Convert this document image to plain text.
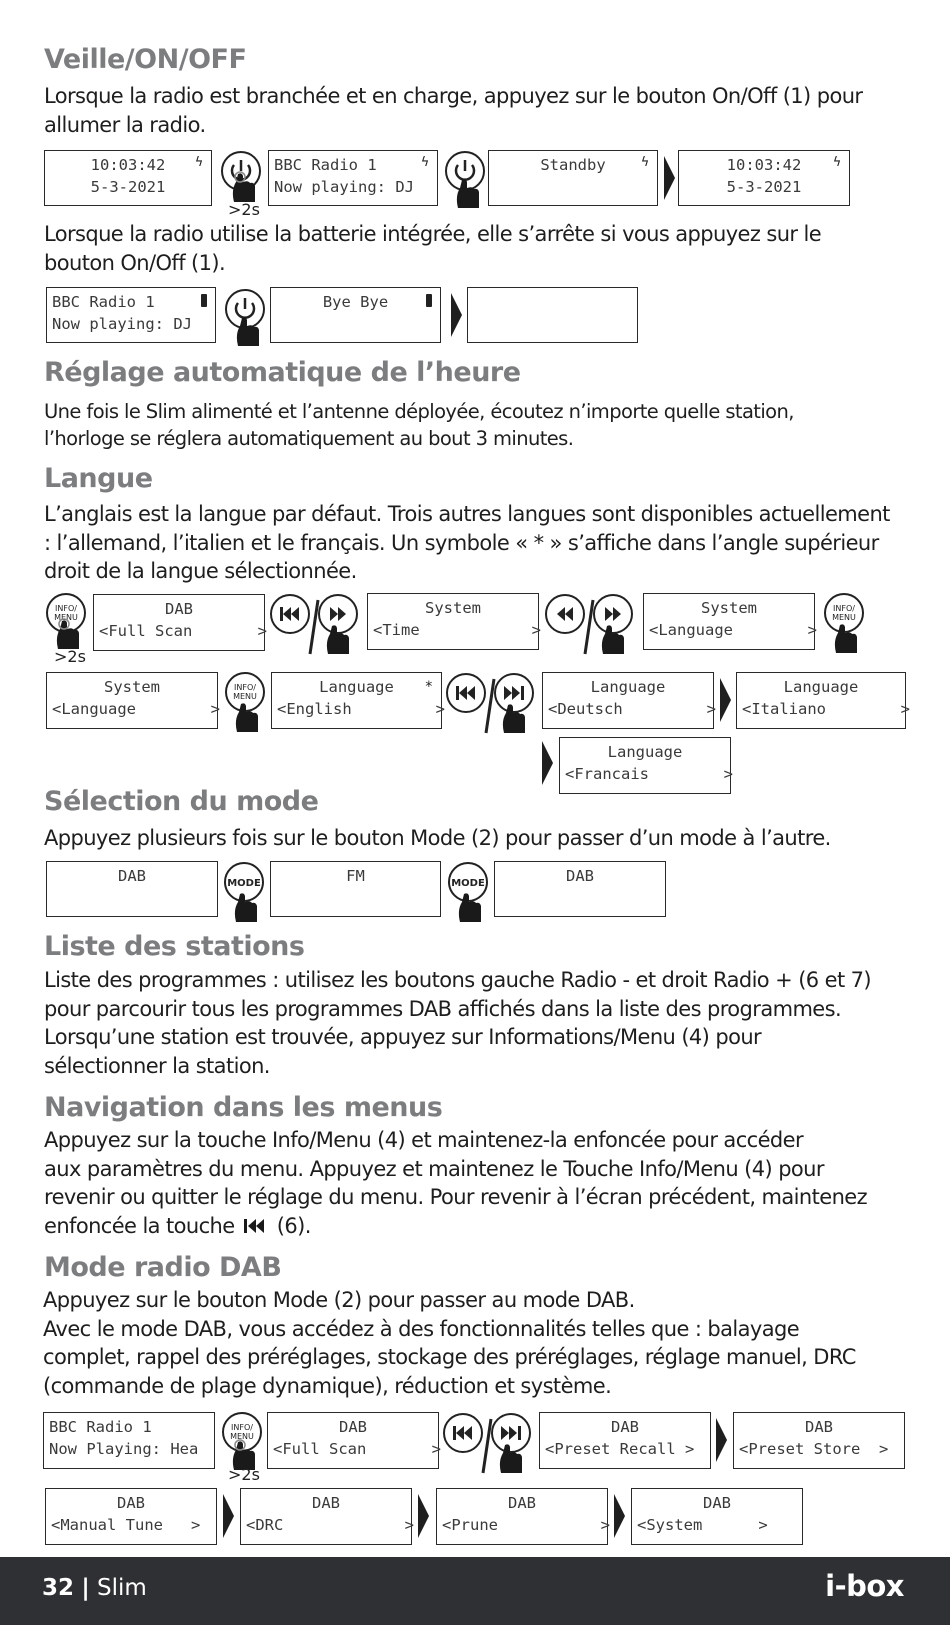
Veille/ON/OFF

Lorsque la radio est branchée et en charge, appuyez sur le bouton On/Off (1) pour
allumer la radio.

10:03:42
5-3-2021
ϟ
>2s
BBC Radio 1
Now playing: DJ
ϟ	Standby	ϟ	10:03:42
5-3-2021
ϟ

Lorsque la radio utilise la batterie intégrée, elle s’arrête si vous appuyez sur le
bouton On/Off (1).

BBC Radio 1
Now playing: DJ
Bye Bye
Réglage automatique de l’heure

Une fois le Slim alimenté et l’antenne déployée, écoutez n’importe quelle station,
l’horloge se réglera automatiquement au bout 3 minutes.

Langue

L’anglais est la langue par défaut. Trois autres langues sont disponibles actuellement
: l’allemand, l’italien et le français. Un symbole « * » s’affiche dans l’angle supérieur
droit de la langue sélectionnée.

INFO/
MENU
>2s
DAB
<Full Scan       >
System
<Time            >
System
<Language        >
INFO/
MENU
System
<Language        >
INFO/
MENU
Language
<English         >
*	Language
<Deutsch         >
Language
<Italiano        >
Language
<Francais        >
Sélection du mode

Appuyez plusieurs fois sur le bouton Mode (2) pour passer d’un mode à l’autre.

DAB	MODE	FM	MODE	DAB
Liste des stations

Liste des programmes : utilisez les boutons gauche Radio - et droit Radio + (6 et 7)
pour parcourir tous les programmes DAB affichés dans la liste des programmes.
Lorsqu’une station est trouvée, appuyez sur Informations/Menu (4) pour
sélectionner la station.

Navigation dans les menus

Appuyez sur la touche Info/Menu (4) et maintenez-la enfoncée pour accéder
aux paramètres du menu. Appuyez et maintenez le Touche Info/Menu (4) pour
revenir ou quitter le réglage du menu. Pour revenir à l’écran précédent, maintenez
enfoncée la touche  (6).

Mode radio DAB

Appuyez sur le bouton Mode (2) pour passer au mode DAB.
Avec le mode DAB, vous accédez à des fonctionnalités telles que : balayage
complet, rappel des préréglages, stockage des préréglages, réglage manuel, DRC
(commande de plage dynamique), réduction et système.

BBC Radio 1
Now Playing: Hea
INFO/
MENU
>2s
DAB
<Full Scan       >
DAB
<Preset Recall >
DAB
<Preset Store  >
DAB
<Manual Tune   >
DAB
<DRC             >
DAB
<Prune           >
DAB
<System      >
32 | Slim	i-box
